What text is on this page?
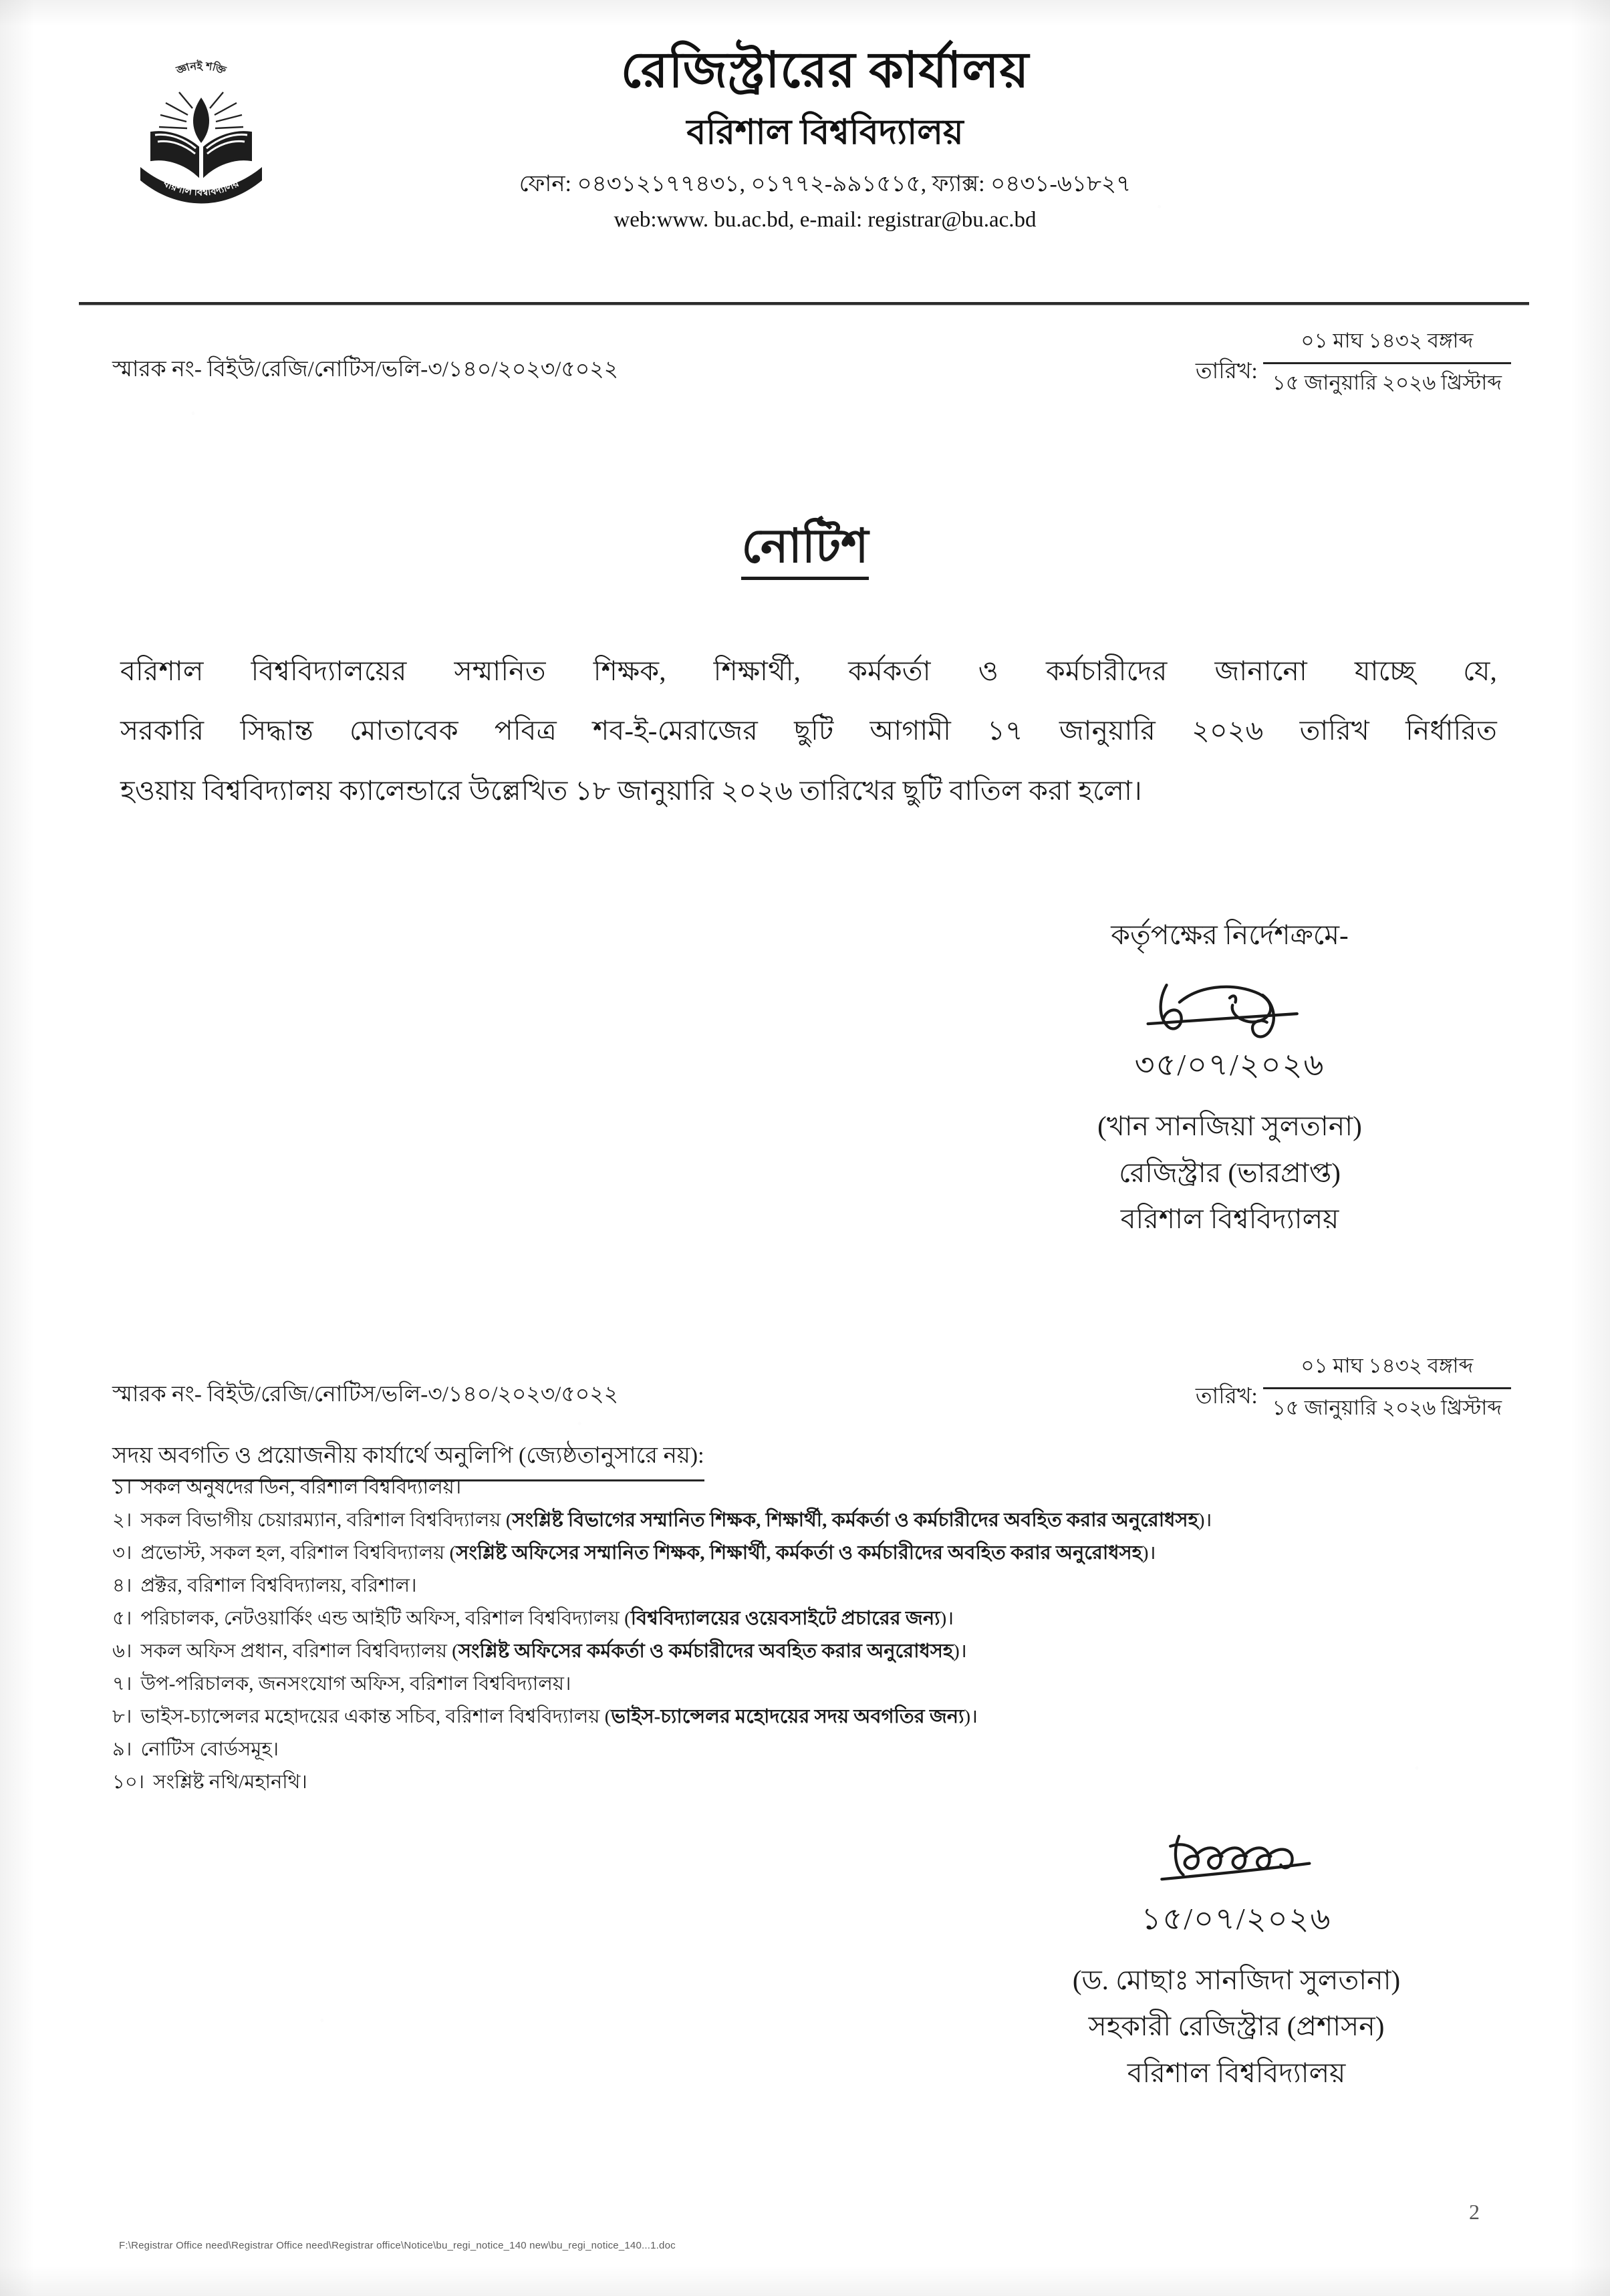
জ্ঞানই শক্তি
বরিশাল বিশ্ববিদ্যালয়
রেজিস্ট্রারের কার্যালয়
বরিশাল বিশ্ববিদ্যালয়
ফোন: ০৪৩১২১৭৭৪৩১, ০১৭৭২-৯৯১৫১৫, ফ্যাক্স: ০৪৩১-৬১৮২৭
web:www. bu.ac.bd, e-mail: registrar@bu.ac.bd
স্মারক নং- বিইউ/রেজি/নোটিস/ভলি-৩/১৪০/২০২৩/৫০২২	তারিখ: $\frac{\text{০১ মাঘ ১৪৩২ বঙ্গাব্দ}}{\text{১৫ জানুয়ারি ২০২৬ খ্রিস্টাব্দ}}$
নোটিশ
বরিশাল বিশ্ববিদ্যালয়ের সম্মানিত শিক্ষক, শিক্ষার্থী, কর্মকর্তা ও কর্মচারীদের জানানো যাচ্ছে যে,
সরকারি সিদ্ধান্ত মোতাবেক পবিত্র শব-ই-মেরাজের ছুটি আগামী ১৭ জানুয়ারি ২০২৬ তারিখ নির্ধারিত
হওয়ায় বিশ্ববিদ্যালয় ক্যালেন্ডারে উল্লেখিত ১৮ জানুয়ারি ২০২৬ তারিখের ছুটি বাতিল করা হলো।
কর্তৃপক্ষের নির্দেশক্রমে-
৩৫/০৭/২০২৬
(খান সানজিয়া সুলতানা)
রেজিস্ট্রার (ভারপ্রাপ্ত)
বরিশাল বিশ্ববিদ্যালয়
স্মারক নং- বিইউ/রেজি/নোটিস/ভলি-৩/১৪০/২০২৩/৫০২২	তারিখ: $\frac{\text{০১ মাঘ ১৪৩২ বঙ্গাব্দ}}{\text{১৫ জানুয়ারি ২০২৬ খ্রিস্টাব্দ}}$
সদয় অবগতি ও প্রয়োজনীয় কার্যার্থে অনুলিপি (জ্যেষ্ঠতানুসারে নয়):
১। সকল অনুষদের ডিন, বরিশাল বিশ্ববিদ্যালয়।
২। সকল বিভাগীয় চেয়ারম্যান, বরিশাল বিশ্ববিদ্যালয় (সংশ্লিষ্ট বিভাগের সম্মানিত শিক্ষক, শিক্ষার্থী, কর্মকর্তা ও কর্মচারীদের অবহিত করার অনুরোধসহ)।
৩। প্রভোস্ট, সকল হল, বরিশাল বিশ্ববিদ্যালয় (সংশ্লিষ্ট অফিসের সম্মানিত শিক্ষক, শিক্ষার্থী, কর্মকর্তা ও কর্মচারীদের অবহিত করার অনুরোধসহ)।
৪। প্রক্টর, বরিশাল বিশ্ববিদ্যালয়, বরিশাল।
৫। পরিচালক, নেটওয়ার্কিং এন্ড আইটি অফিস, বরিশাল বিশ্ববিদ্যালয় (বিশ্ববিদ্যালয়ের ওয়েবসাইটে প্রচারের জন্য)।
৬। সকল অফিস প্রধান, বরিশাল বিশ্ববিদ্যালয় (সংশ্লিষ্ট অফিসের কর্মকর্তা ও কর্মচারীদের অবহিত করার অনুরোধসহ)।
৭। উপ-পরিচালক, জনসংযোগ অফিস, বরিশাল বিশ্ববিদ্যালয়।
৮। ভাইস-চ্যান্সেলর মহোদয়ের একান্ত সচিব, বরিশাল বিশ্ববিদ্যালয় (ভাইস-চ্যান্সেলর মহোদয়ের সদয় অবগতির জন্য)।
৯। নোটিস বোর্ডসমূহ।
১০। সংশ্লিষ্ট নথি/মহানথি।
১৫/০৭/২০২৬
(ড. মোছাঃ সানজিদা সুলতানা)
সহকারী রেজিস্ট্রার (প্রশাসন)
বরিশাল বিশ্ববিদ্যালয়
F:\Registrar Office need\Registrar Office need\Registrar office\Notice\bu_regi_notice_140 new\bu_regi_notice_140...1.doc
2
